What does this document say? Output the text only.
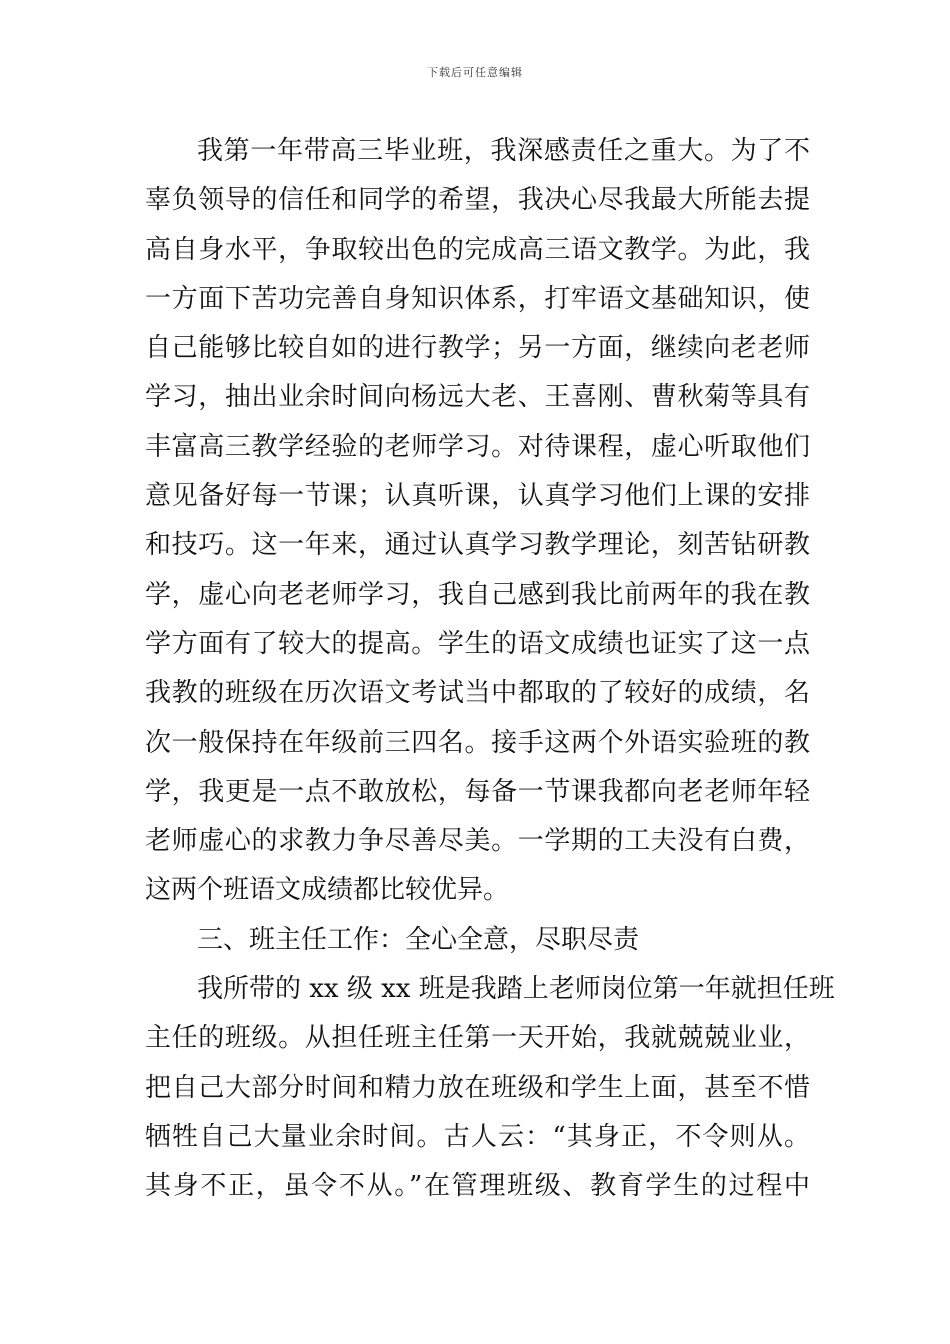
下载后可任意编辑
我第一年带高三毕业班，我深感责任之重大。为了不
辜负领导的信任和同学的希望，我决心尽我最大所能去提
高自身水平，争取较出色的完成高三语文教学。为此，我
一方面下苦功完善自身知识体系，打牢语文基础知识，使
自己能够比较自如的进行教学；另一方面，继续向老老师
学习，抽出业余时间向杨远大老、王喜刚、曹秋菊等具有
丰富高三教学经验的老师学习。对待课程，虚心听取他们
意见备好每一节课；认真听课，认真学习他们上课的安排
和技巧。这一年来，通过认真学习教学理论，刻苦钻研教
学，虚心向老老师学习，我自己感到我比前两年的我在教
学方面有了较大的提高。学生的语文成绩也证实了这一点
我教的班级在历次语文考试当中都取的了较好的成绩，名
次一般保持在年级前三四名。接手这两个外语实验班的教
学，我更是一点不敢放松，每备一节课我都向老老师年轻
老师虚心的求教力争尽善尽美。一学期的工夫没有白费，
这两个班语文成绩都比较优异。
三、班主任工作：全心全意，尽职尽责
我所带的 xx 级 xx 班是我踏上老师岗位第一年就担任班
主任的班级。从担任班主任第一天开始，我就兢兢业业，
把自己大部分时间和精力放在班级和学生上面，甚至不惜
牺牲自己大量业余时间。古人云：“其身正，不令则从。
其身不正，虽令不从。”在管理班级、教育学生的过程中
